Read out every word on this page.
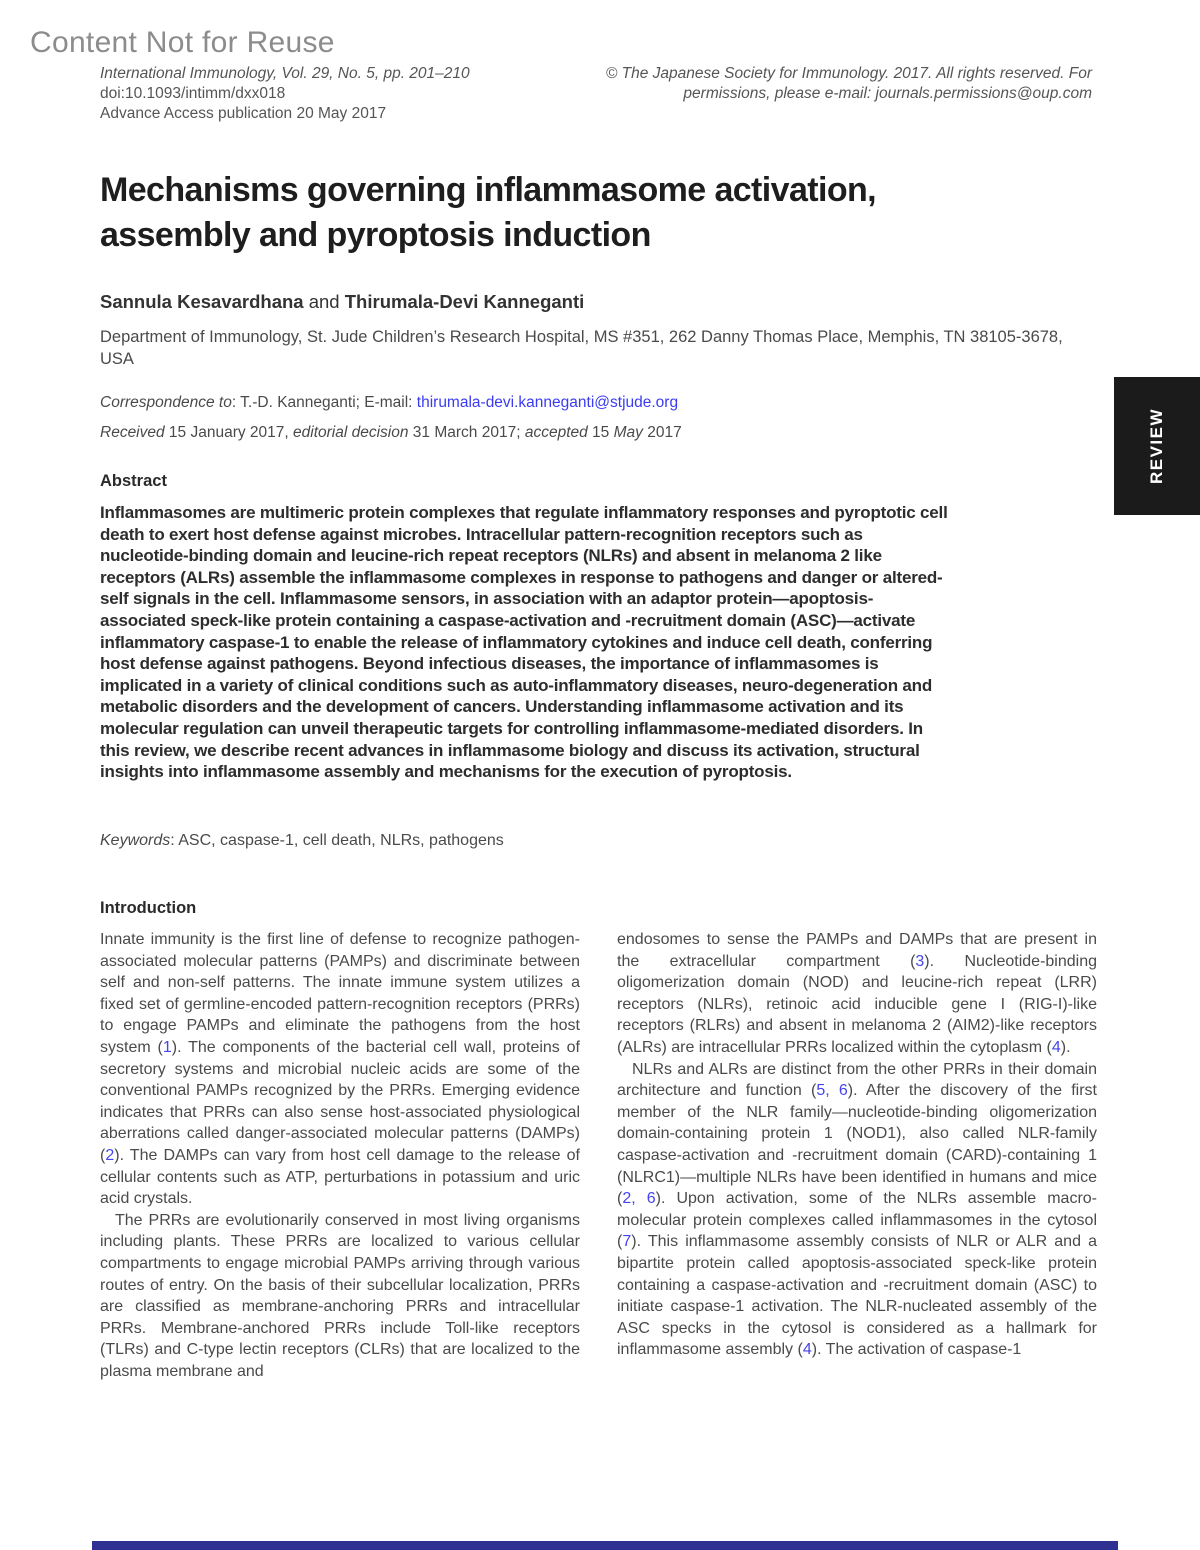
Content Not for Reuse
International Immunology, Vol. 29, No. 5, pp. 201–210
doi:10.1093/intimm/dxx018
Advance Access publication 20 May 2017
© The Japanese Society for Immunology. 2017. All rights reserved. For
permissions, please e-mail: journals.permissions@oup.com
Mechanisms governing inflammasome activation,
assembly and pyroptosis induction
Sannula Kesavardhana and Thirumala-Devi Kanneganti
Department of Immunology, St. Jude Children’s Research Hospital, MS #351, 262 Danny Thomas Place, Memphis, TN 38105-3678, USA
Correspondence to: T.-D. Kanneganti; E-mail: thirumala-devi.kanneganti@stjude.org
Received 15 January 2017, editorial decision 31 March 2017; accepted 15 May 2017	REVIEW
Abstract
Inflammasomes are multimeric protein complexes that regulate inflammatory responses and pyroptotic cell death to exert host defense against microbes. Intracellular pattern-recognition receptors such as nucleotide-binding domain and leucine-rich repeat receptors (NLRs) and absent in melanoma 2 like receptors (ALRs) assemble the inflammasome complexes in response to pathogens and danger or altered-self signals in the cell. Inflammasome sensors, in association with an adaptor protein—apoptosis-associated speck-like protein containing a caspase-activation and -recruitment domain (ASC)—activate inflammatory caspase-1 to enable the release of inflammatory cytokines and induce cell death, conferring host defense against pathogens. Beyond infectious diseases, the importance of inflammasomes is implicated in a variety of clinical conditions such as auto-inflammatory diseases, neuro-degeneration and metabolic disorders and the development of cancers. Understanding inflammasome activation and its molecular regulation can unveil therapeutic targets for controlling inflammasome-mediated disorders. In this review, we describe recent advances in inflammasome biology and discuss its activation, structural insights into inflammasome assembly and mechanisms for the execution of pyroptosis.
Keywords: ASC, caspase-1, cell death, NLRs, pathogens
Introduction

Innate immunity is the first line of defense to recognize pathogen-associated molecular patterns (PAMPs) and discriminate between self and non-self patterns. The innate immune system utilizes a fixed set of germline-encoded pattern-recognition receptors (PRRs) to engage PAMPs and eliminate the pathogens from the host system (1). The components of the bacterial cell wall, proteins of secretory systems and microbial nucleic acids are some of the conventional PAMPs recognized by the PRRs. Emerging evidence indicates that PRRs can also sense host-associated physiological aberrations called danger-associated molecular patterns (DAMPs) (2). The DAMPs can vary from host cell damage to the release of cellular contents such as ATP, perturbations in potassium and uric acid crystals.

The PRRs are evolutionarily conserved in most living organisms including plants. These PRRs are localized to various cellular compartments to engage microbial PAMPs arriving through various routes of entry. On the basis of their subcellular localization, PRRs are classified as membrane-anchoring PRRs and intracellular PRRs. Membrane-anchored PRRs include Toll-like receptors (TLRs) and C-type lectin receptors (CLRs) that are localized to the plasma membrane and

endosomes to sense the PAMPs and DAMPs that are present in the extracellular compartment (3). Nucleotide-binding oligomerization domain (NOD) and leucine-rich repeat (LRR) receptors (NLRs), retinoic acid inducible gene I (RIG-I)-like receptors (RLRs) and absent in melanoma 2 (AIM2)-like receptors (ALRs) are intracellular PRRs localized within the cytoplasm (4).

NLRs and ALRs are distinct from the other PRRs in their domain architecture and function (5, 6). After the discovery of the first member of the NLR family—nucleotide-binding oligomerization domain-containing protein 1 (NOD1), also called NLR-family caspase-activation and -recruitment domain (CARD)-containing 1 (NLRC1)—multiple NLRs have been identified in humans and mice (2, 6). Upon activation, some of the NLRs assemble macro-molecular protein complexes called inflammasomes in the cytosol (7). This inflammasome assembly consists of NLR or ALR and a bipartite protein called apoptosis-associated speck-like protein containing a caspase-activation and -recruitment domain (ASC) to initiate caspase-1 activation. The NLR-nucleated assembly of the ASC specks in the cytosol is considered as a hallmark for inflammasome assembly (4). The activation of caspase-1
